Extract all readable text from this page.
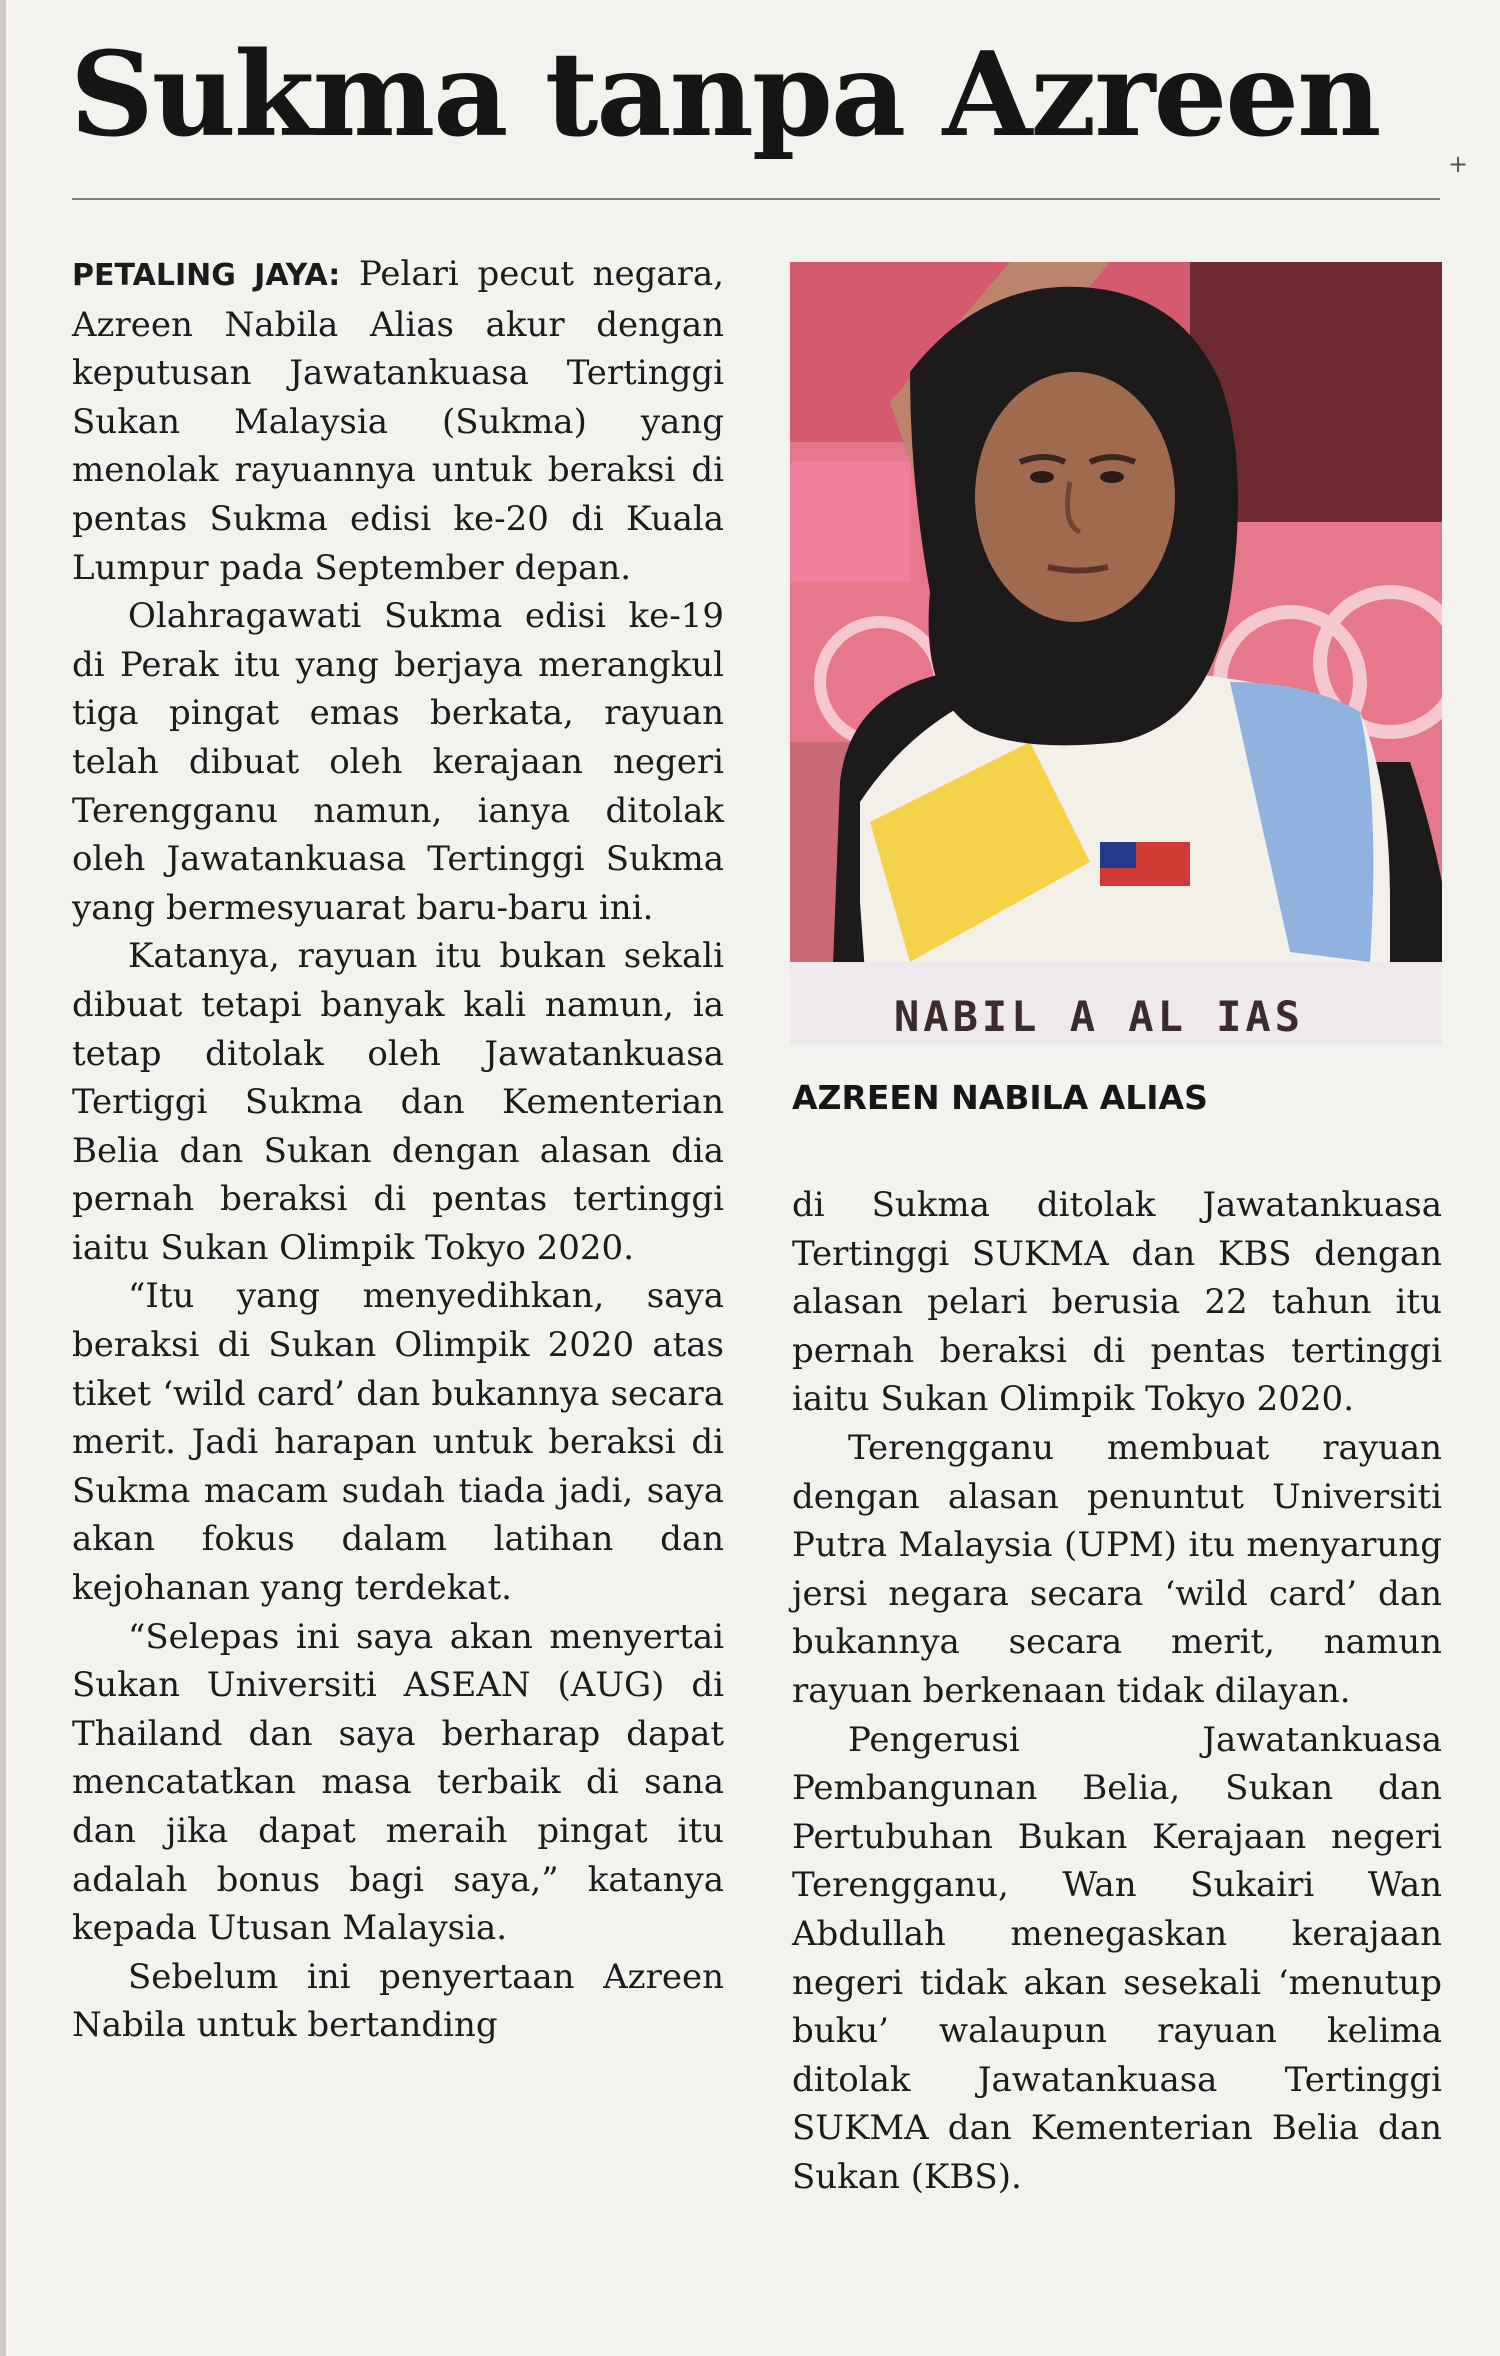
Sukma tanpa Azreen
+

PETALING JAYA: Pelari pecut negara, Azreen Nabila Alias akur dengan keputusan Jawatankuasa Tertinggi Sukan Malaysia (Sukma) yang menolak rayuannya untuk beraksi di pentas Sukma edisi ke-20 di Kuala Lumpur pada September depan.

Olahragawati Sukma edisi ke-19 di Perak itu yang berjaya merangkul tiga pingat emas berkata, rayuan telah dibuat oleh kerajaan negeri Terengganu namun, ianya ditolak oleh Jawatankuasa Tertinggi Sukma yang bermesyuarat baru-baru ini.

Katanya, rayuan itu bukan sekali dibuat tetapi banyak kali namun, ia tetap ditolak oleh Jawatankuasa Tertiggi Sukma dan Kementerian Belia dan Sukan dengan alasan dia pernah beraksi di pentas tertinggi iaitu Sukan Olimpik Tokyo 2020.

“Itu yang menyedihkan, saya beraksi di Sukan Olimpik 2020 atas tiket ‘wild card’ dan bukannya secara merit. Jadi harapan untuk beraksi di Sukma macam sudah tiada jadi, saya akan fokus dalam latihan dan kejohanan yang terdekat.

“Selepas ini saya akan menyertai Sukan Universiti ASEAN (AUG) di Thailand dan saya berharap dapat mencatatkan masa terbaik di sana dan jika dapat meraih pingat itu adalah bonus bagi saya,” katanya kepada Utusan Malaysia.

Sebelum ini penyertaan Azreen Nabila untuk bertanding

NABIL A AL IAS
AZREEN NABILA ALIAS

di Sukma ditolak Jawatankuasa Tertinggi SUKMA dan KBS dengan alasan pelari berusia 22 tahun itu pernah beraksi di pentas tertinggi iaitu Sukan Olimpik Tokyo 2020.

Terengganu membuat rayuan dengan alasan penuntut Universiti Putra Malaysia (UPM) itu menyarung jersi negara secara ‘wild card’ dan bukannya secara merit, namun rayuan berkenaan tidak dilayan.

Pengerusi Jawatankuasa Pembangunan Belia, Sukan dan Pertubuhan Bukan Kerajaan negeri Terengganu, Wan Sukairi Wan Abdullah menegaskan kerajaan negeri tidak akan sesekali ‘menutup buku’ walaupun rayuan kelima ditolak Jawatankuasa Tertinggi SUKMA dan Kementerian Belia dan Sukan (KBS).
